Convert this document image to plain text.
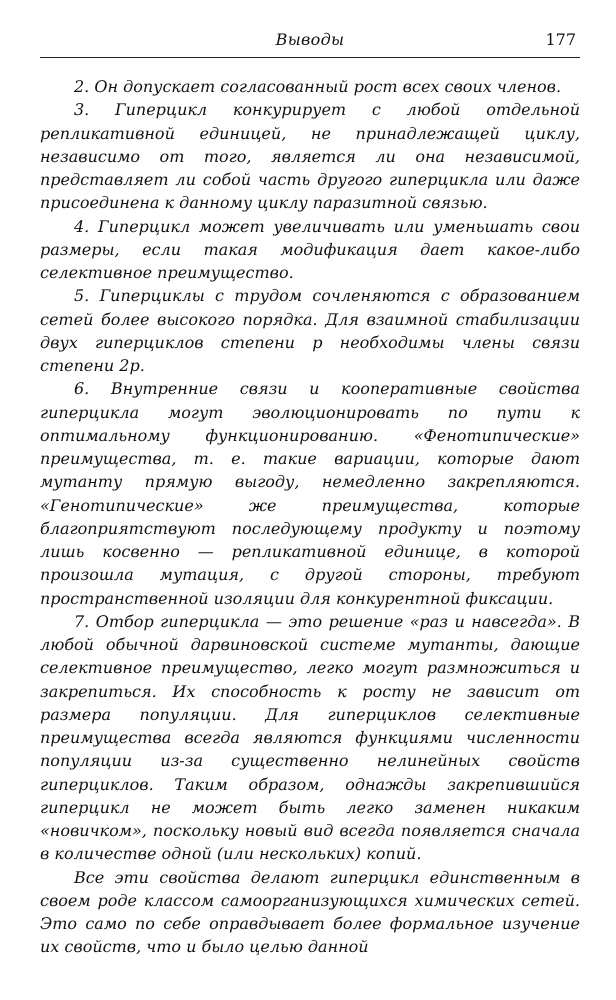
Выводы	177

2. Он допускает согласованный рост всех своих членов.

3. Гиперцикл конкурирует с любой отдельной репликативной единицей, не принадлежащей циклу, независимо от того, является ли она независимой, представляет ли собой часть другого гиперцикла или даже присоединена к данному циклу паразитной связью.

4. Гиперцикл может увеличивать или уменьшать свои размеры, если такая модификация дает какое-либо селективное преимущество.

5. Гиперциклы с трудом сочленяются с образованием сетей более высокого порядка. Для взаимной стабилизации двух гиперциклов степени p необходимы члены связи степени 2p.

6. Внутренние связи и кооперативные свойства гиперцикла могут эволюционировать по пути к оптимальному функционированию. «Фенотипические» преимущества, т. е. такие вариации, которые дают мутанту прямую выгоду, немедленно закрепляются. «Генотипические» же преимущества, которые благоприятствуют последующему продукту и поэтому лишь косвенно — репликативной единице, в которой произошла мутация, с другой стороны, требуют пространственной изоляции для конкурентной фиксации.

7. Отбор гиперцикла — это решение «раз и навсегда». В любой обычной дарвиновской системе мутанты, дающие селективное преимущество, легко могут размножиться и закрепиться. Их способность к росту не зависит от размера популяции. Для гиперциклов селективные преимущества всегда являются функциями численности популяции из-за существенно нелинейных свойств гиперциклов. Таким образом, однажды закрепившийся гиперцикл не может быть легко заменен никаким «новичком», поскольку новый вид всегда появляется сначала в количестве одной (или нескольких) копий.

Все эти свойства делают гиперцикл единственным в своем роде классом самоорганизующихся химических сетей. Это само по себе оправдывает более формальное изучение их свойств, что и было целью данной
